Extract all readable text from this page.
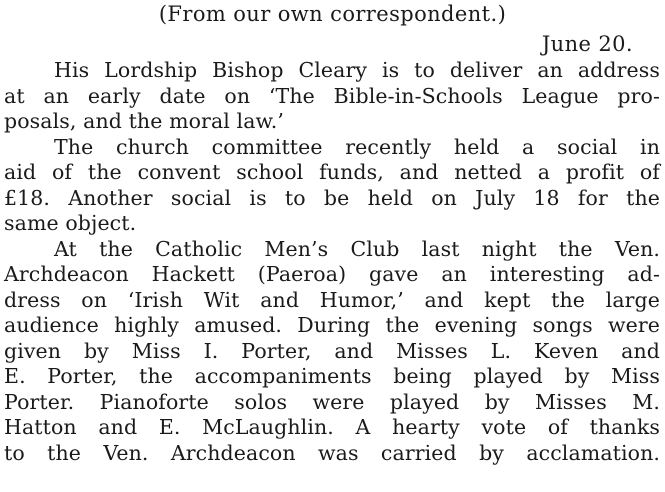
(From our own correspondent.)
June 20.
His Lordship Bishop Cleary is to deliver an address
at an early date on ‘The Bible-in-Schools League pro-
posals, and the moral law.’
The church committee recently held a social in
aid of the convent school funds, and netted a profit of
£18. Another social is to be held on July 18 for the
same object.
At the Catholic Men’s Club last night the Ven.
Archdeacon Hackett (Paeroa) gave an interesting ad-
dress on ‘Irish Wit and Humor,’ and kept the large
audience highly amused. During the evening songs were
given by Miss I. Porter, and Misses L. Keven and
E. Porter, the accompaniments being played by Miss
Porter. Pianoforte solos were played by Misses M.
Hatton and E. McLaughlin. A hearty vote of thanks
to the Ven. Archdeacon was carried by acclamation.
